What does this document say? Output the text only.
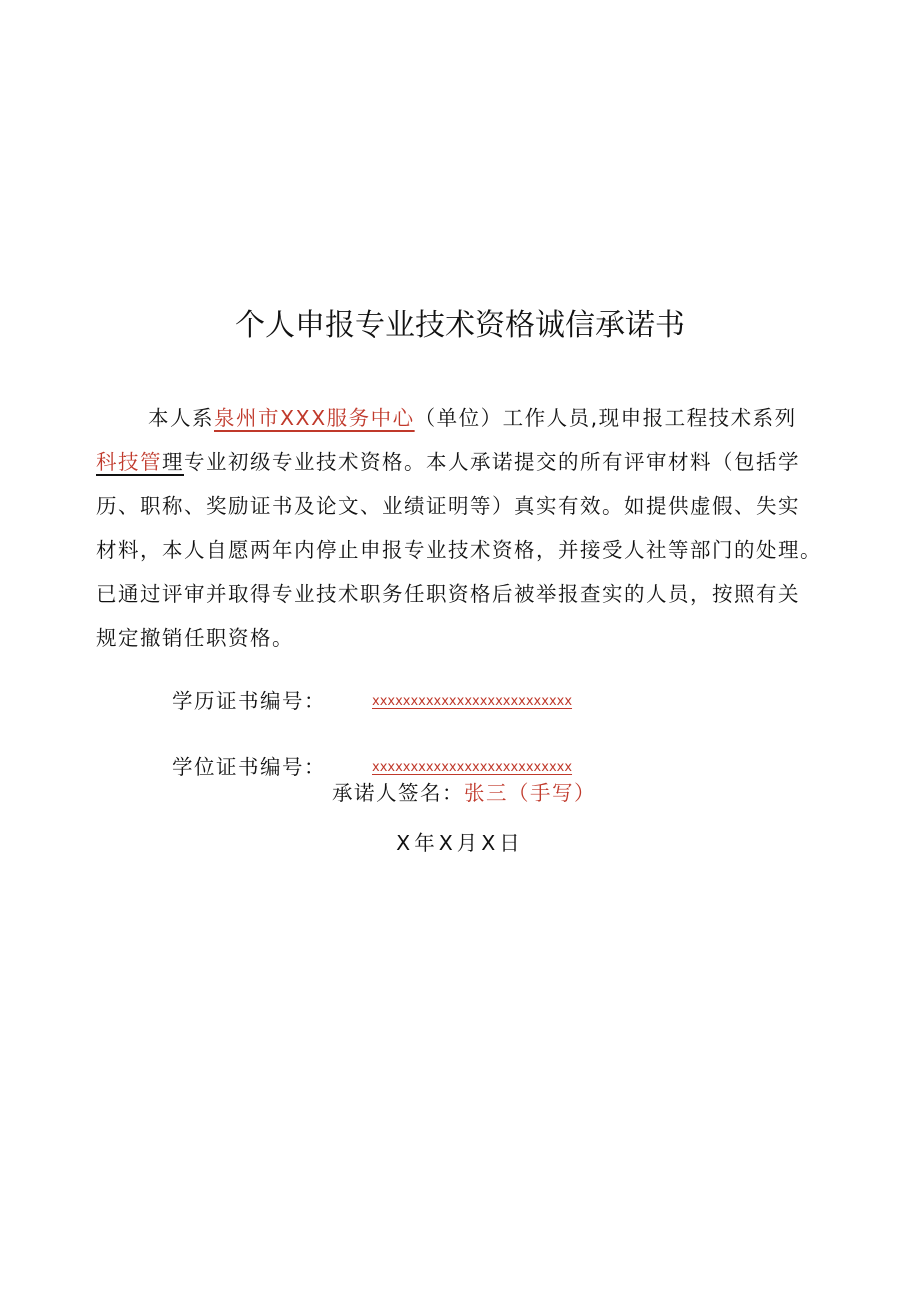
个人申报专业技术资格诚信承诺书
本人系泉州市XXX服务中心（单位）工作人员,现申报工程技术系列
科技管理专业初级专业技术资格。本人承诺提交的所有评审材料（包括学
历、职称、奖励证书及论文、业绩证明等）真实有效。如提供虚假、失实
材料，本人自愿两年内停止申报专业技术资格，并接受人社等部门的处理。
已通过评审并取得专业技术职务任职资格后被举报查实的人员，按照有关
规定撤销任职资格。
学历证书编号：	xxxxxxxxxxxxxxxxxxxxxxxxxx
学位证书编号：	xxxxxxxxxxxxxxxxxxxxxxxxxx
承诺人签名：张三（手写）
X年X月X日
